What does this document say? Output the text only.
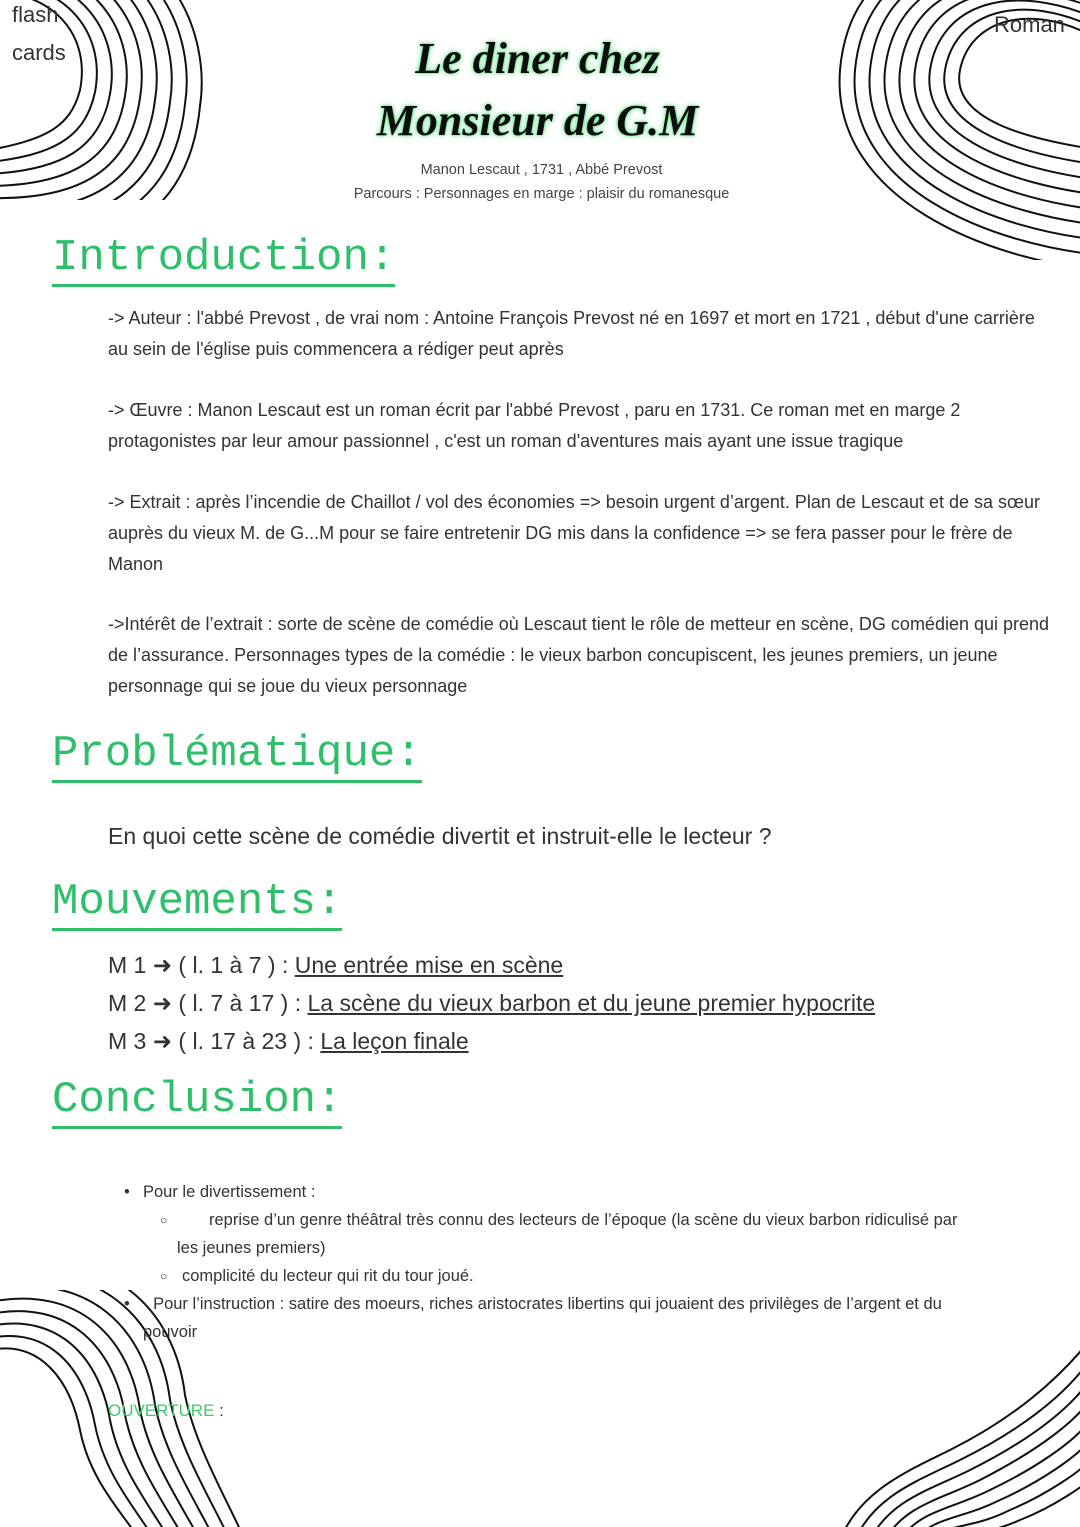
flash
cards
Roman
Le diner chez
Monsieur de G.M
Manon Lescaut , 1731 , Abbé Prevost
Parcours : Personnages en marge : plaisir du romanesque
Introduction:

-> Auteur : l'abbé Prevost , de vrai nom : Antoine François Prevost né en 1697 et mort en 1721 , début d'une carrière au sein de l'église puis commencera a rédiger peut après

-> Œuvre : Manon Lescaut est un roman écrit par l'abbé Prevost , paru en 1731. Ce roman met en marge 2 protagonistes par leur amour passionnel , c'est un roman d'aventures mais ayant une issue tragique

-> Extrait : après l’incendie de Chaillot / vol des économies => besoin urgent d’argent. Plan de Lescaut et de sa sœur auprès du vieux M. de G...M pour se faire entretenir DG mis dans la confidence => se fera passer pour le frère de Manon

->Intérêt de l’extrait : sorte de scène de comédie où Lescaut tient le rôle de metteur en scène, DG comédien qui prend de l’assurance. Personnages types de la comédie : le vieux barbon concupiscent, les jeunes premiers, un jeune personnage qui se joue du vieux personnage

Problématique:
En quoi cette scène de comédie divertit et instruit-elle le lecteur ?
Mouvements:
M 1 ➜ ( l. 1 à 7 ) : Une entrée mise en scène
M 2 ➜ ( l. 7 à 17 ) : La scène du vieux barbon et du jeune premier hypocrite
M 3 ➜ ( l. 17 à 23 ) : La leçon finale
Conclusion:
• Pour le divertissement :
○	reprise d’un genre théâtral très connu des lecteurs de l’époque (la scène du vieux barbon ridiculisé par
les jeunes premiers)
○ complicité du lecteur qui rit du tour joué.
• · Pour l’instruction : satire des moeurs, riches aristocrates libertins qui jouaient des privilèges de l’argent et du
pouvoir
OUVERTURE :
